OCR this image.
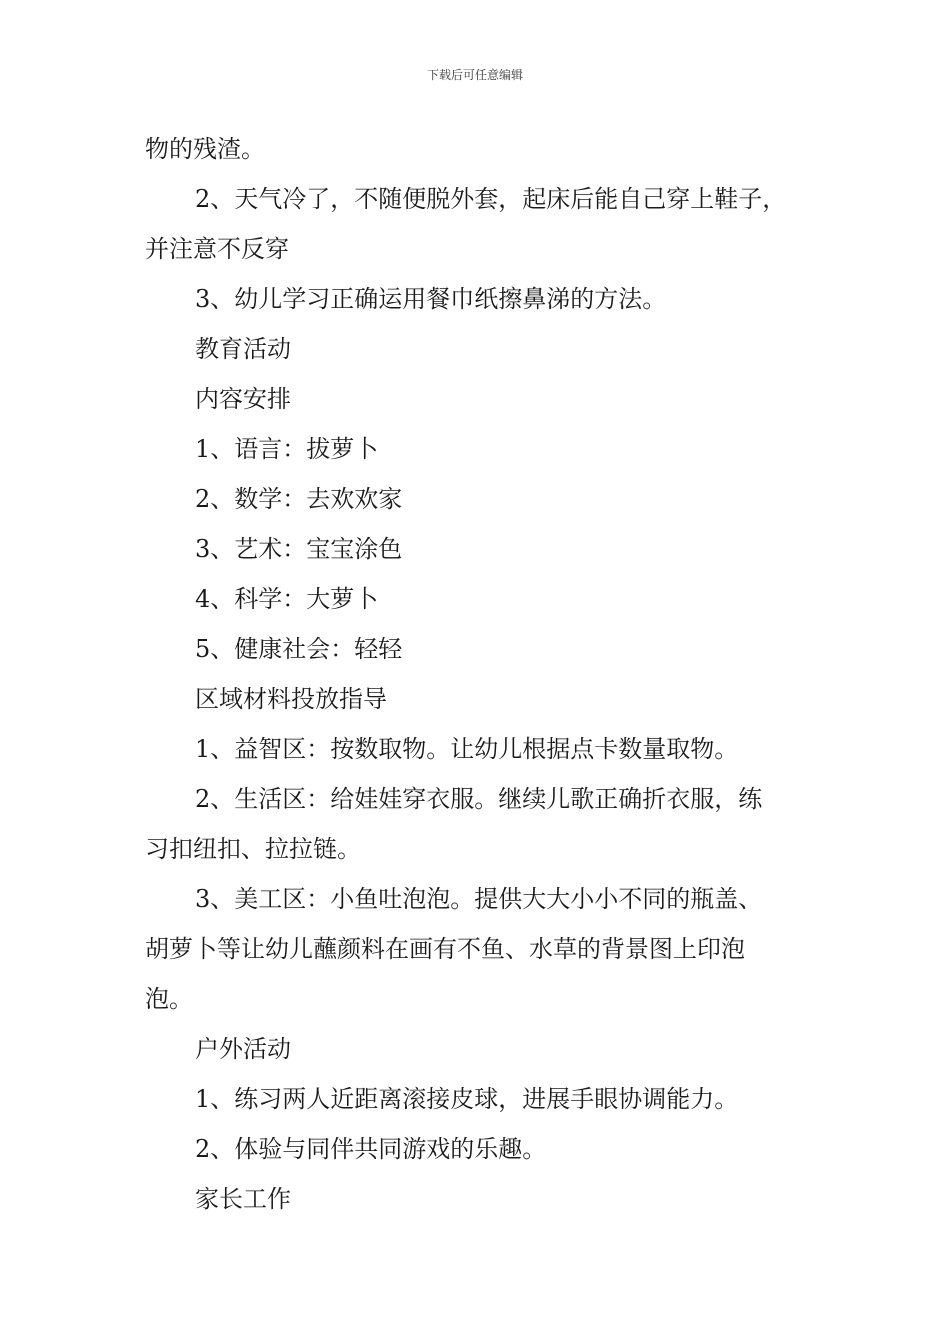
下载后可任意编辑
物的残渣。
2、天气冷了，不随便脱外套，起床后能自己穿上鞋子，
并注意不反穿
3、幼儿学习正确运用餐巾纸擦鼻涕的方法。
教育活动
内容安排
1、语言：拔萝卜
2、数学：去欢欢家
3、艺术：宝宝涂色
4、科学：大萝卜
5、健康社会：轻轻
区域材料投放指导
1、益智区：按数取物。让幼儿根据点卡数量取物。
2、生活区：给娃娃穿衣服。继续儿歌正确折衣服，练
习扣纽扣、拉拉链。
3、美工区：小鱼吐泡泡。提供大大小小不同的瓶盖、
胡萝卜等让幼儿蘸颜料在画有不鱼、水草的背景图上印泡
泡。
户外活动
1、练习两人近距离滚接皮球，进展手眼协调能力。
2、体验与同伴共同游戏的乐趣。
家长工作
